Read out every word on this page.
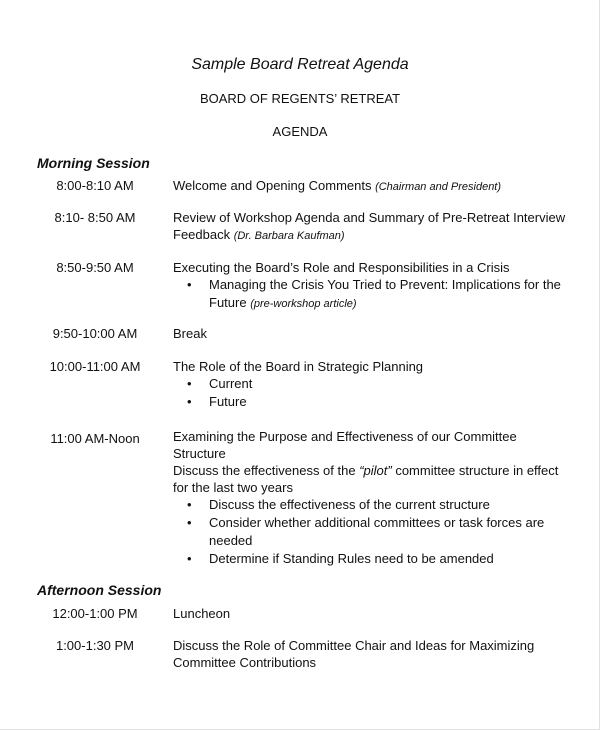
Sample Board Retreat Agenda
BOARD OF REGENTS’ RETREAT
AGENDA
Morning Session
8:00-8:10 AM	Welcome and Opening Comments (Chairman and President)
8:10- 8:50 AM	Review of Workshop Agenda and Summary of Pre-Retreat Interview Feedback (Dr. Barbara Kaufman)
8:50-9:50 AM	Executing the Board’s Role and Responsibilities in a Crisis
• Managing the Crisis You Tried to Prevent: Implications for the Future (pre-workshop article)
9:50-10:00 AM	Break
10:00-11:00 AM	The Role of the Board in Strategic Planning
• Current
• Future
11:00 AM-Noon	Examining the Purpose and Effectiveness of our Committee Structure
Discuss the effectiveness of the “pilot” committee structure in effect for the last two years
• Discuss the effectiveness of the current structure
• Consider whether additional committees or task forces are needed
• Determine if Standing Rules need to be amended
Afternoon Session
12:00-1:00 PM	Luncheon
1:00-1:30 PM	Discuss the Role of Committee Chair and Ideas for Maximizing Committee Contributions
